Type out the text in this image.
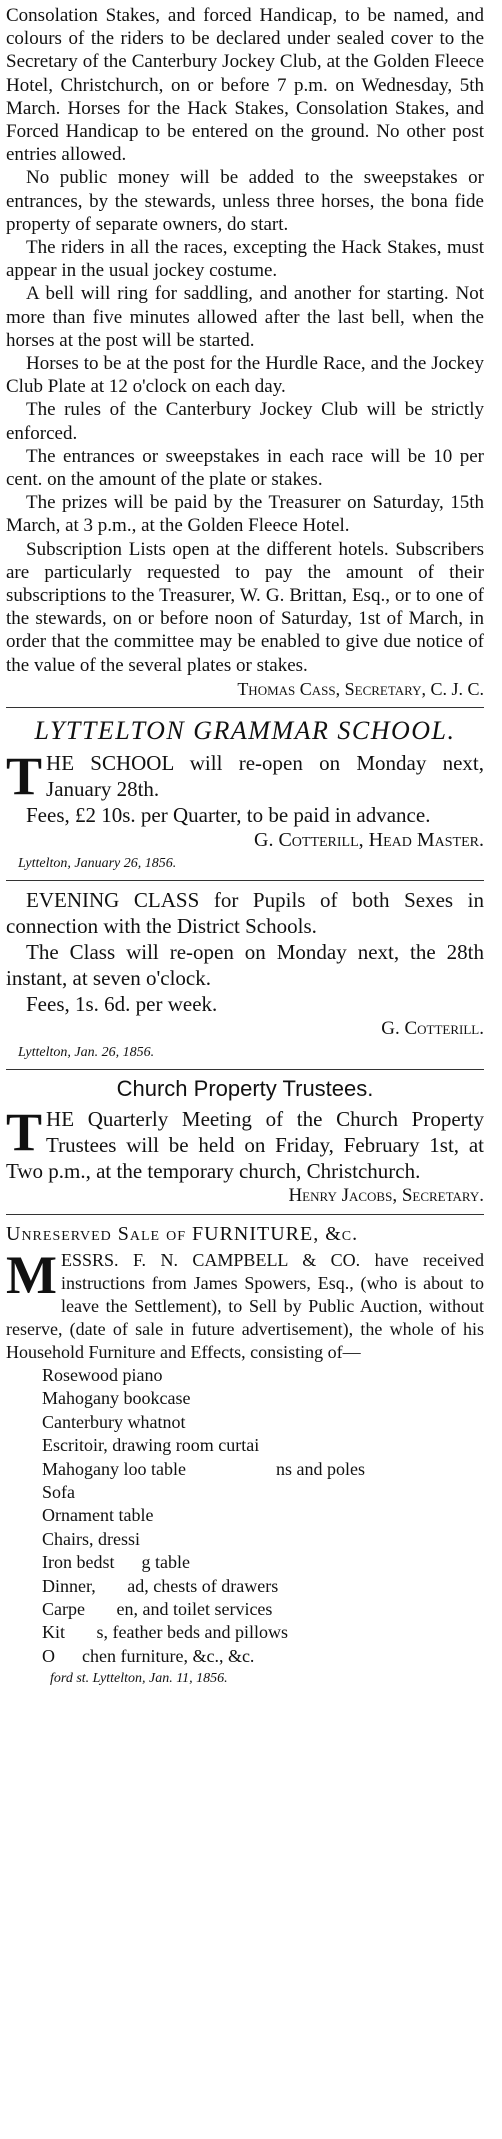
Consolation Stakes, and forced Handicap, to be named, and colours of the riders to be declared under sealed cover to the Secretary of the Canterbury Jockey Club, at the Golden Fleece Hotel, Christchurch, on or before 7 p.m. on Wednesday, 5th March. Horses for the Hack Stakes, Consolation Stakes, and Forced Handicap to be entered on the ground. No other post entries allowed.

No public money will be added to the sweepstakes or entrances, by the stewards, unless three horses, the bona fide property of separate owners, do start.

The riders in all the races, excepting the Hack Stakes, must appear in the usual jockey costume.

A bell will ring for saddling, and another for starting. Not more than five minutes allowed after the last bell, when the horses at the post will be started.

Horses to be at the post for the Hurdle Race, and the Jockey Club Plate at 12 o'clock on each day.

The rules of the Canterbury Jockey Club will be strictly enforced.

The entrances or sweepstakes in each race will be 10 per cent. on the amount of the plate or stakes.

The prizes will be paid by the Treasurer on Saturday, 15th March, at 3 p.m., at the Golden Fleece Hotel.

Subscription Lists open at the different hotels. Subscribers are particularly requested to pay the amount of their subscriptions to the Treasurer, W. G. Brittan, Esq., or to one of the stewards, on or before noon of Saturday, 1st of March, in order that the committee may be enabled to give due notice of the value of the several plates or stakes.

Thomas Cass, Secretary, C. J. C.

LYTTELTON GRAMMAR SCHOOL.
T HE SCHOOL will re-open on Monday next, January 28th.

Fees, £2 10s. per Quarter, to be paid in advance.

G. Cotterill, Head Master.

Lyttelton, January 26, 1856.

EVENING CLASS for Pupils of both Sexes in connection with the District Schools.

The Class will re-open on Monday next, the 28th instant, at seven o'clock.

Fees, 1s. 6d. per week.

G. Cotterill.

Lyttelton, Jan. 26, 1856.
Church Property Trustees.
T HE Quarterly Meeting of the Church Property Trustees will be held on Friday, February 1st, at Two p.m., at the temporary church, Christchurch.

Henry Jacobs, Secretary.

Unreserved Sale of FURNITURE, &c.
M ESSRS. F. N. CAMPBELL & CO. have received instructions from James Spowers, Esq., (who is about to leave the Settlement), to Sell by Public Auction, without reserve, (date of sale in future advertisement), the whole of his Household Furniture and Effects, consisting of—

Rosewood piano
Mahogany bookcase
Canterbury whatnot
Escritoir, drawing room curtai
Mahogany loo table                    ns and poles
Sofa
Ornament table
Chairs, dressi
Iron bedst      g table
Dinner,       ad, chests of drawers
Carpe       en, and toilet services
Kit       s, feather beds and pillows
O      chen furniture, &c., &c.
ford st. Lyttelton, Jan. 11, 1856.
